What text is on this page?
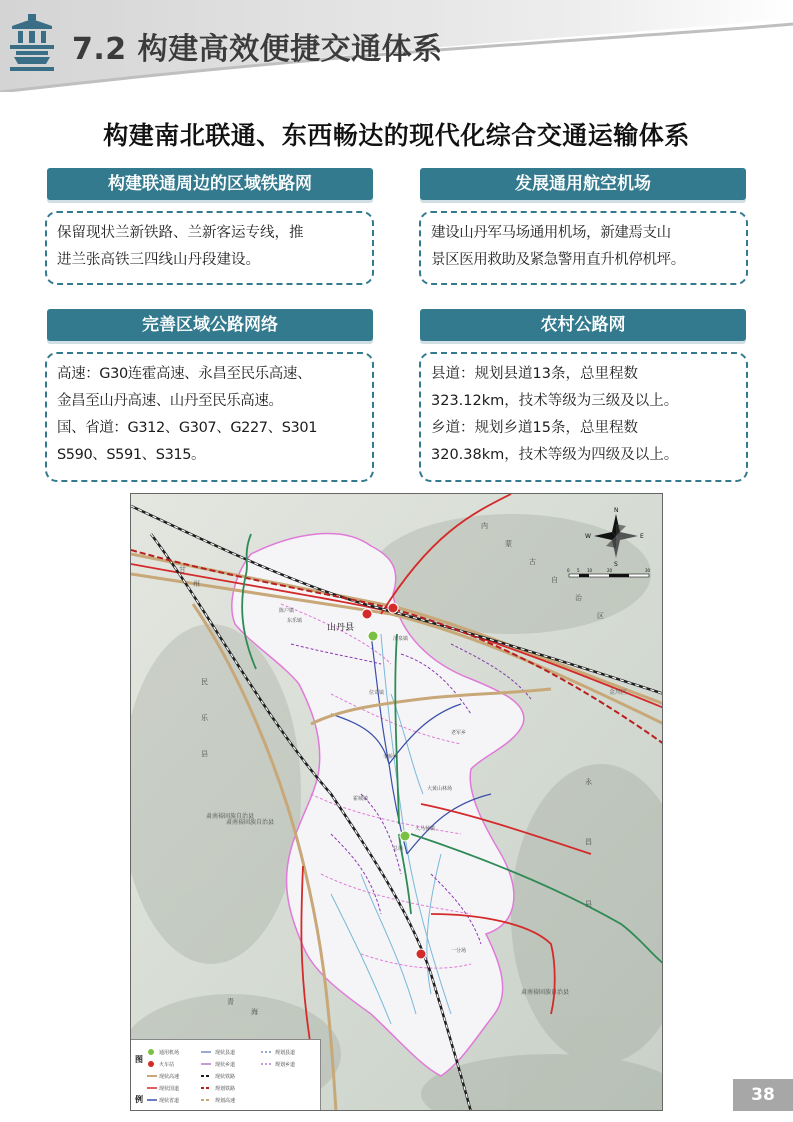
7.2 构建高效便捷交通体系
构建南北联通、东西畅达的现代化综合交通运输体系
构建联通周边的区域铁路网
保留现状兰新铁路、兰新客运专线，推
进兰张高铁三四线山丹段建设。
发展通用航空机场
建设山丹军马场通用机场，新建焉支山
景区医用救助及紧急警用直升机停机坪。
完善区域公路网络
高速：G30连霍高速、永昌至民乐高速、
金昌至山丹高速、山丹至民乐高速。
国、省道：G312、G307、G227、S301
S590、S591、S315。
农村公路网
县道：规划县道13条，总里程数
323.12km，技术等级为三级及以上。
乡道：规划乡道15条，总里程数
320.38km，技术等级为四级及以上。
山丹县
陈户镇
东乐镇
清泉镇
位奇镇
霍城镇
李桥乡
老军乡
大马营镇
一分场
大黄山林场
总场
内
蒙
古
自
治
区
民
乐
县
永
昌
县
甘
州
金川区
肃南裕固族自治县
肃南裕固族自治县
肃南裕固族自治县
青
海
N
S
E
W
0 5 10	20	30
图
例
通用机场
火车站
现状高速
现状国道
现状省道
现状县道
现状乡道
现状铁路
规划铁路
规划高速
规划县道
规划乡道
38
